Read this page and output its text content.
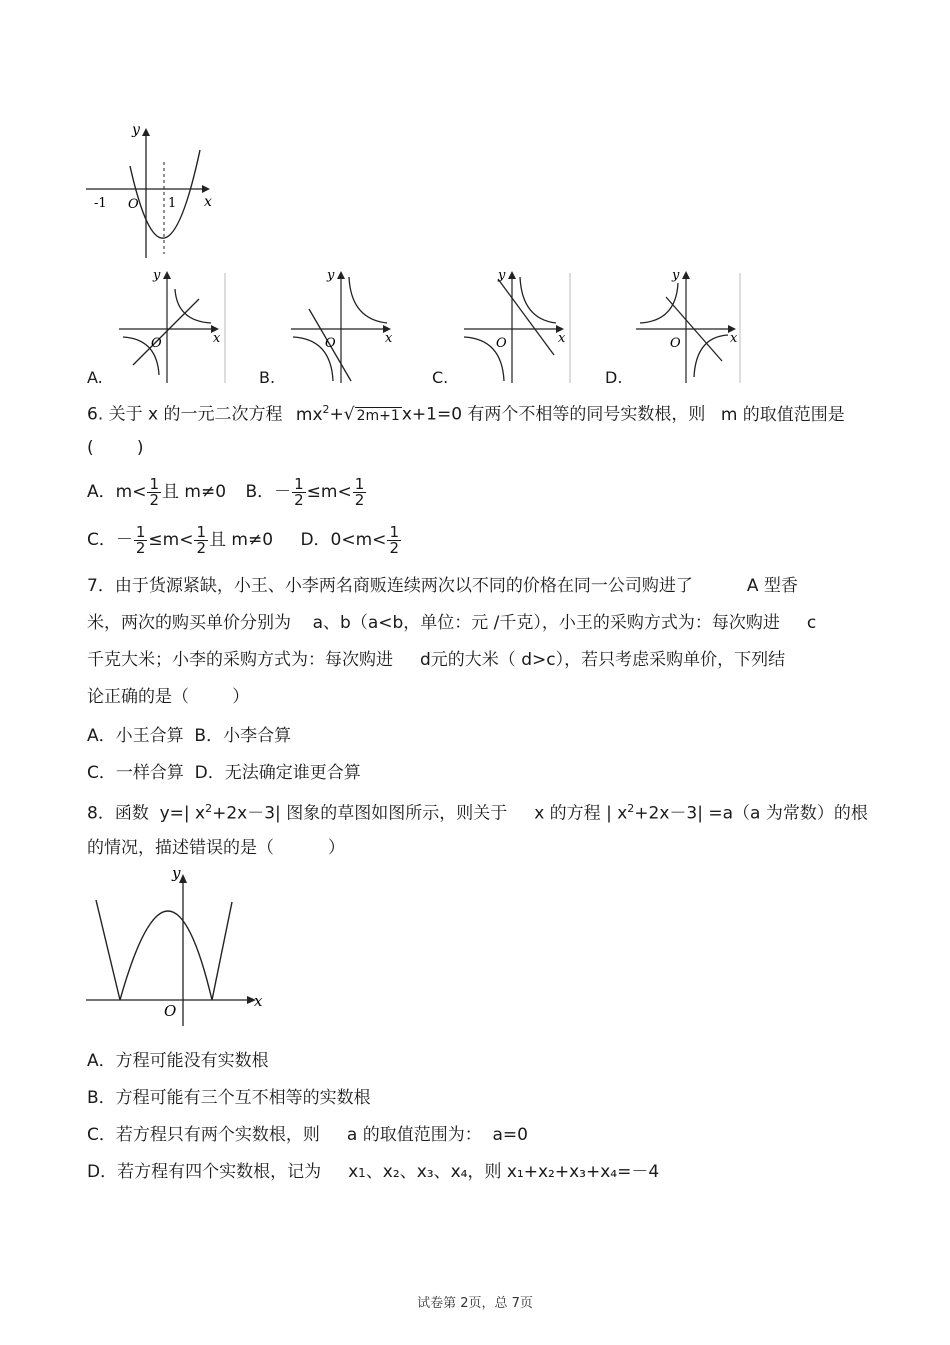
y
x
-1 O 1
y
x
O
y
x
O
y
x
O
y
x
O
A.	B.	C.	D.
6. 关于 x 的一元二次方程 $mx^2+√$ 2m+1 x+1=0 有两个不相等的同号实数根，则 m 的取值范围是
(        )
A．$m< \frac{1}{2}$ 且 m≠0 B．－ $\frac{1}{2} \le m< \frac{1}{2}$
C．－ $\frac{1}{2} \le m< \frac{1}{2}$ 且 m≠0 D．$0<m< \frac{1}{2}$
7．由于货源紧缺，小王、小李两名商贩连续两次以不同的价格在同一公司购进了          A 型香
米，两次的购买单价分别为    a、b（a<b，单位：元 /千克），小王的采购方式为：每次购进     c
千克大米；小李的采购方式为：每次购进     d元的大米（ d>c），若只考虑采购单价，下列结
论正确的是（        ）
A．小王合算  B．小李合算
C．一样合算  D．无法确定谁更合算
8．函数  y=| $x^2+2x-3|$ 图象的草图如图所示，则关于     x 的方程 | $x^2+2x-3| =a(a$ 为常数）的根
的情况，描述错误的是（          ）
y
x
O
A．方程可能没有实数根
B．方程可能有三个互不相等的实数根
C．若方程只有两个实数根，则     a 的取值范围为：  a=0
D．若方程有四个实数根，记为     x1、x₂、x₃、x₄，则 x₁+x₂+x₃+x₄=－4
试卷第 2页，总 7页
